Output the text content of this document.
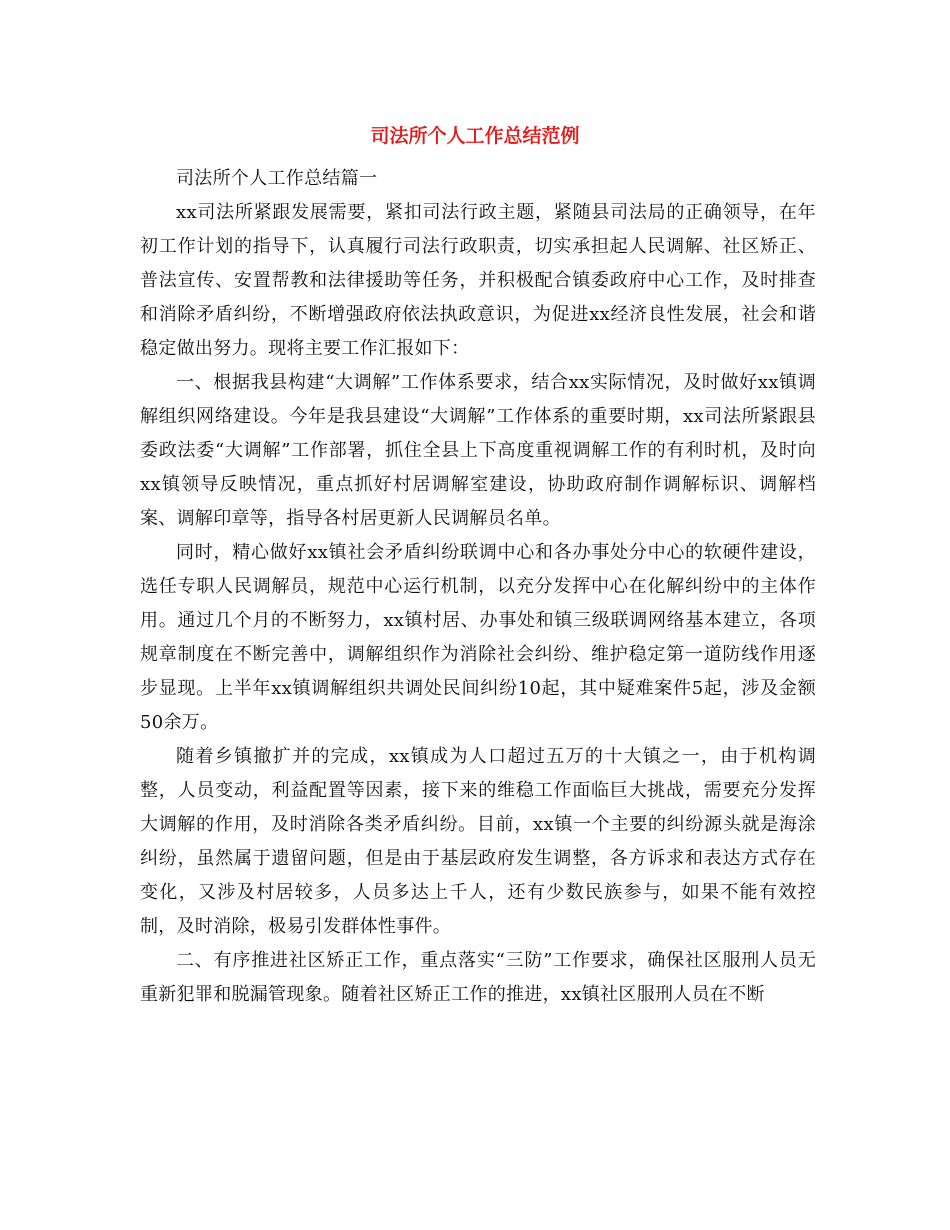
司法所个人工作总结范例

司法所个人工作总结篇一

xx司法所紧跟发展需要，紧扣司法行政主题，紧随县司法局的正确领导，在年初工作计划的指导下，认真履行司法行政职责，切实承担起人民调解、社区矫正、普法宣传、安置帮教和法律援助等任务，并积极配合镇委政府中心工作，及时排查和消除矛盾纠纷，不断增强政府依法执政意识，为促进xx经济良性发展，社会和谐稳定做出努力。现将主要工作汇报如下：

一、根据我县构建“大调解”工作体系要求，结合xx实际情况，及时做好xx镇调解组织网络建设。今年是我县建设“大调解”工作体系的重要时期，xx司法所紧跟县委政法委“大调解”工作部署，抓住全县上下高度重视调解工作的有利时机，及时向xx镇领导反映情况，重点抓好村居调解室建设，协助政府制作调解标识、调解档案、调解印章等，指导各村居更新人民调解员名单。

同时，精心做好xx镇社会矛盾纠纷联调中心和各办事处分中心的软硬件建设，选任专职人民调解员，规范中心运行机制，以充分发挥中心在化解纠纷中的主体作用。通过几个月的不断努力，xx镇村居、办事处和镇三级联调网络基本建立，各项规章制度在不断完善中，调解组织作为消除社会纠纷、维护稳定第一道防线作用逐步显现。上半年xx镇调解组织共调处民间纠纷10起，其中疑难案件5起，涉及金额50余万。

随着乡镇撤扩并的完成，xx镇成为人口超过五万的十大镇之一，由于机构调整，人员变动，利益配置等因素，接下来的维稳工作面临巨大挑战，需要充分发挥大调解的作用，及时消除各类矛盾纠纷。目前，xx镇一个主要的纠纷源头就是海涂纠纷，虽然属于遗留问题，但是由于基层政府发生调整，各方诉求和表达方式存在变化，又涉及村居较多，人员多达上千人，还有少数民族参与，如果不能有效控制，及时消除，极易引发群体性事件。

二、有序推进社区矫正工作，重点落实“三防”工作要求，确保社区服刑人员无重新犯罪和脱漏管现象。随着社区矫正工作的推进，xx镇社区服刑人员在不断
